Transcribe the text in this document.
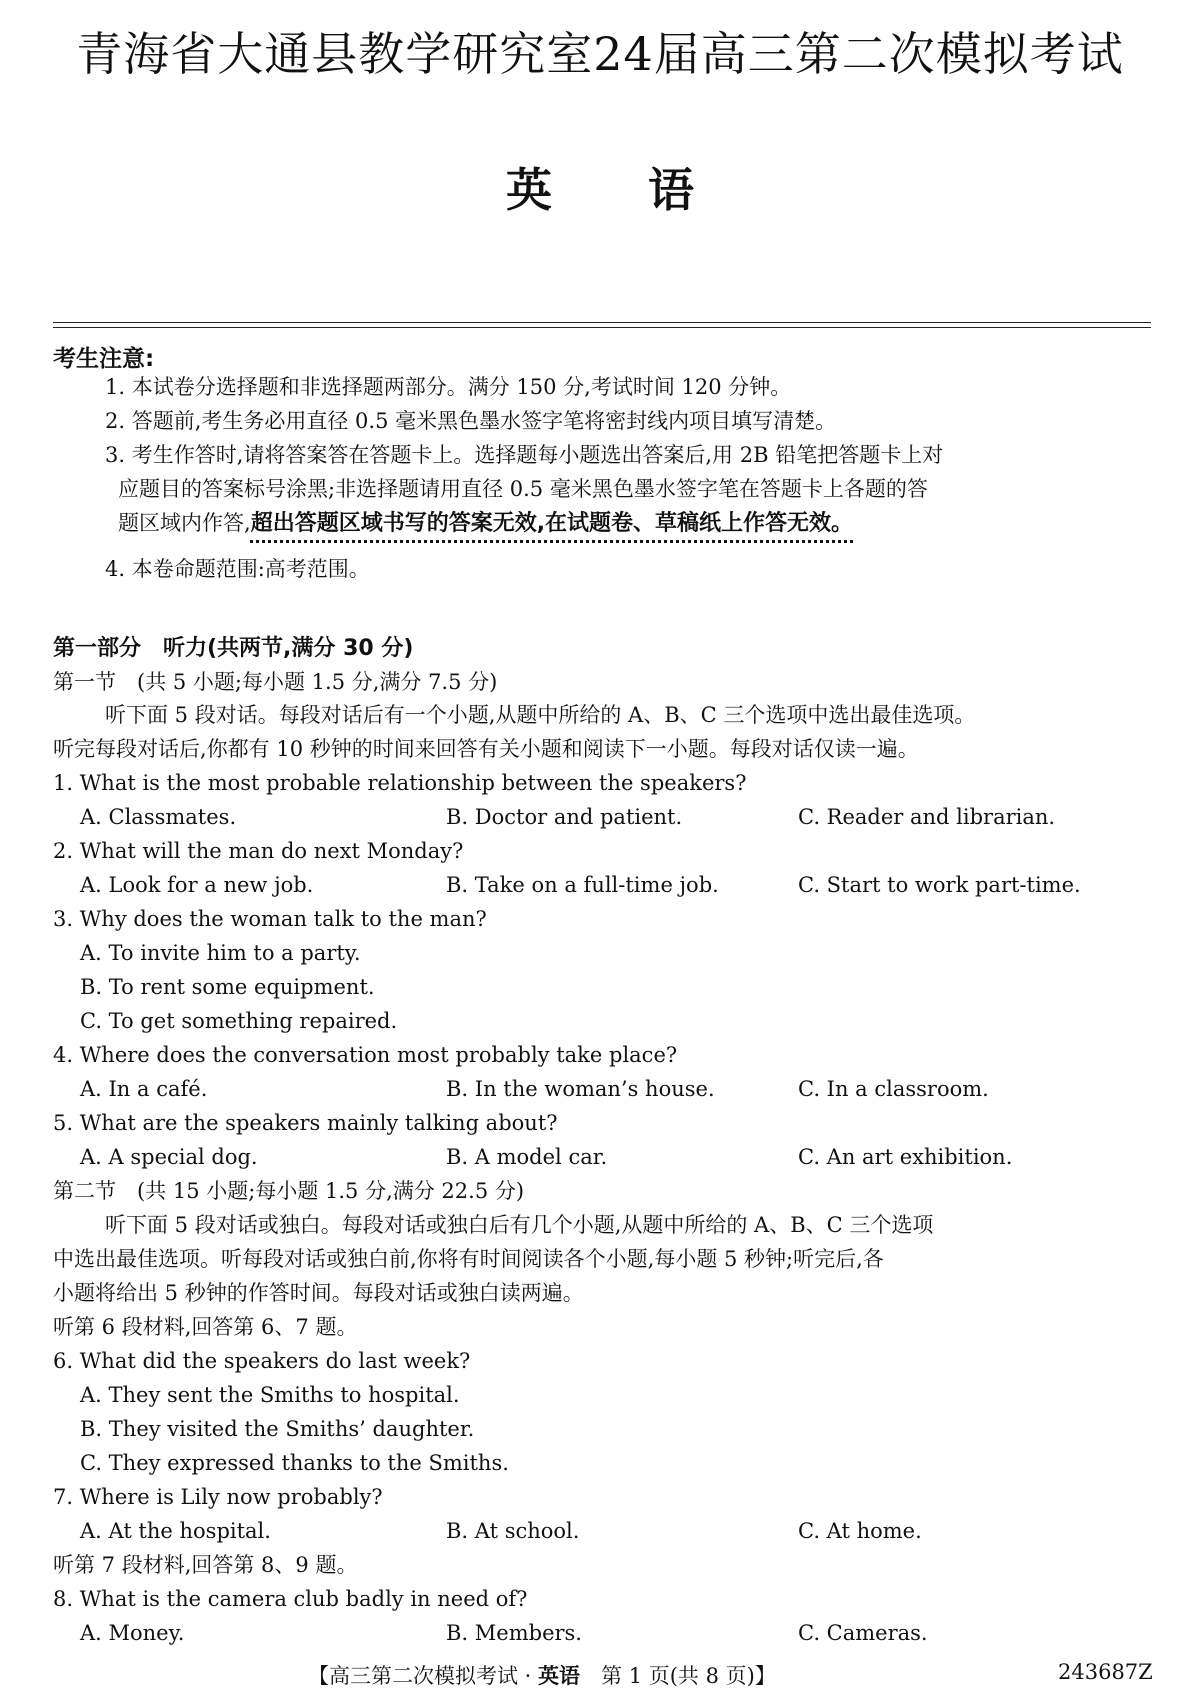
青海省大通县教学研究室24届高三第二次模拟考试
英 语
考生注意:
1. 本试卷分选择题和非选择题两部分。满分 150 分,考试时间 120 分钟。
2. 答题前,考生务必用直径 0.5 毫米黑色墨水签字笔将密封线内项目填写清楚。
3. 考生作答时,请将答案答在答题卡上。选择题每小题选出答案后,用 2B 铅笔把答题卡上对
应题目的答案标号涂黑;非选择题请用直径 0.5 毫米黑色墨水签字笔在答题卡上各题的答
题区域内作答,超出答题区域书写的答案无效,在试题卷、草稿纸上作答无效。
4. 本卷命题范围:高考范围。
第一部分　听力(共两节,满分 30 分)
第一节　(共 5 小题;每小题 1.5 分,满分 7.5 分)
听下面 5 段对话。每段对话后有一个小题,从题中所给的 A、B、C 三个选项中选出最佳选项。
听完每段对话后,你都有 10 秒钟的时间来回答有关小题和阅读下一小题。每段对话仅读一遍。
1. What is the most probable relationship between the speakers?
A. Classmates.	B. Doctor and patient.	C. Reader and librarian.
2. What will the man do next Monday?
A. Look for a new job.	B. Take on a full-time job.	C. Start to work part-time.
3. Why does the woman talk to the man?
A. To invite him to a party.
B. To rent some equipment.
C. To get something repaired.
4. Where does the conversation most probably take place?
A. In a café.	B. In the woman’s house.	C. In a classroom.
5. What are the speakers mainly talking about?
A. A special dog.	B. A model car.	C. An art exhibition.
第二节　(共 15 小题;每小题 1.5 分,满分 22.5 分)
听下面 5 段对话或独白。每段对话或独白后有几个小题,从题中所给的 A、B、C 三个选项
中选出最佳选项。听每段对话或独白前,你将有时间阅读各个小题,每小题 5 秒钟;听完后,各
小题将给出 5 秒钟的作答时间。每段对话或独白读两遍。
听第 6 段材料,回答第 6、7 题。
6. What did the speakers do last week?
A. They sent the Smiths to hospital.
B. They visited the Smiths’ daughter.
C. They expressed thanks to the Smiths.
7. Where is Lily now probably?
A. At the hospital.	B. At school.	C. At home.
听第 7 段材料,回答第 8、9 题。
8. What is the camera club badly in need of?
A. Money.	B. Members.	C. Cameras.
【高三第二次模拟考试 · 英语　第 1 页(共 8 页)】	243687Z
